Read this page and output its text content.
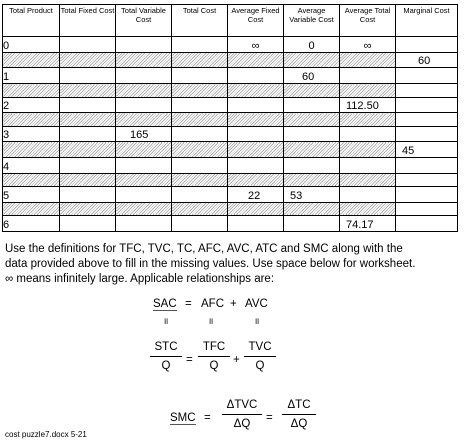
Total Product	Total Fixed Cost	Total Variable Cost	Total Cost	Average Fixed Cost	Average Variable Cost	Average Total Cost	Marginal Cost
0				∞	0	∞	
							60
1					60		

2						112.50	

3		165					
							45
4							

5				22	53		

6						74.17	
Use the definitions for TFC, TVC, TC, AFC, AVC, ATC and SMC along with the
data provided above to fill in the missing values. Use space below for worksheet.
∞ means infinitely large. Applicable relationships are:
SAC = AFC + AVC
॥	॥	॥
STC
Q	=
TFC
Q	+
TVC
Q
SMC =
ΔTVC
ΔQ	=
ΔTC
ΔQ
cost puzzle7.docx 5-21
